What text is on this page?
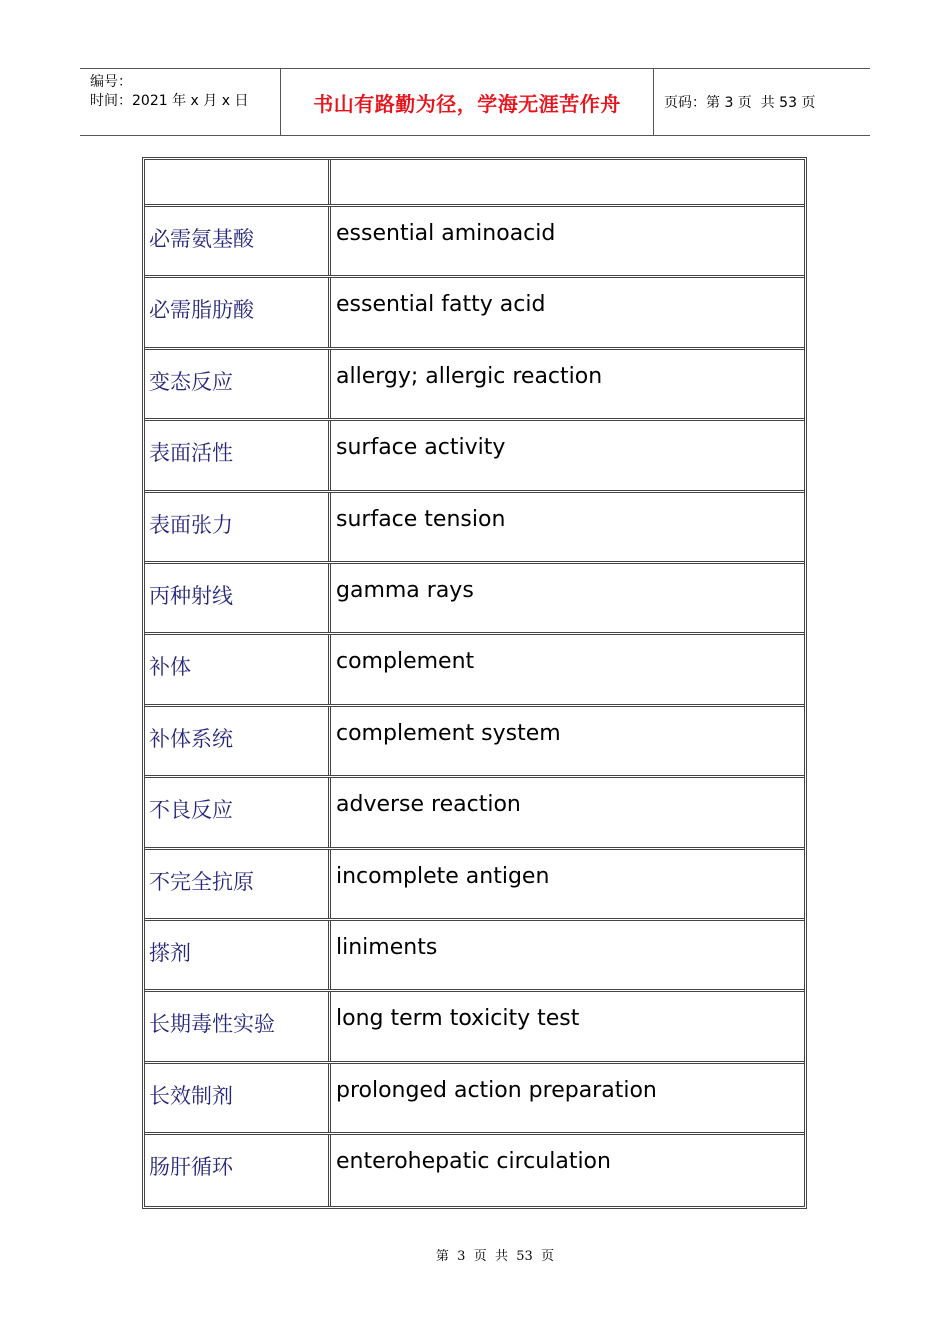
编号：
时间：2021 年 x 月 x 日	书山有路勤为径，学海无涯苦作舟	页码：第 3 页  共 53 页
必需氨基酸	essential aminoacid
必需脂肪酸	essential fatty acid
变态反应	allergy; allergic reaction
表面活性	surface activity
表面张力	surface tension
丙种射线	gamma rays
补体	complement
补体系统	complement system
不良反应	adverse reaction
不完全抗原	incomplete antigen
搽剂	liniments
长期毒性实验	long term toxicity test
长效制剂	prolonged action preparation
肠肝循环	enterohepatic circulation
第  3  页  共  53  页
